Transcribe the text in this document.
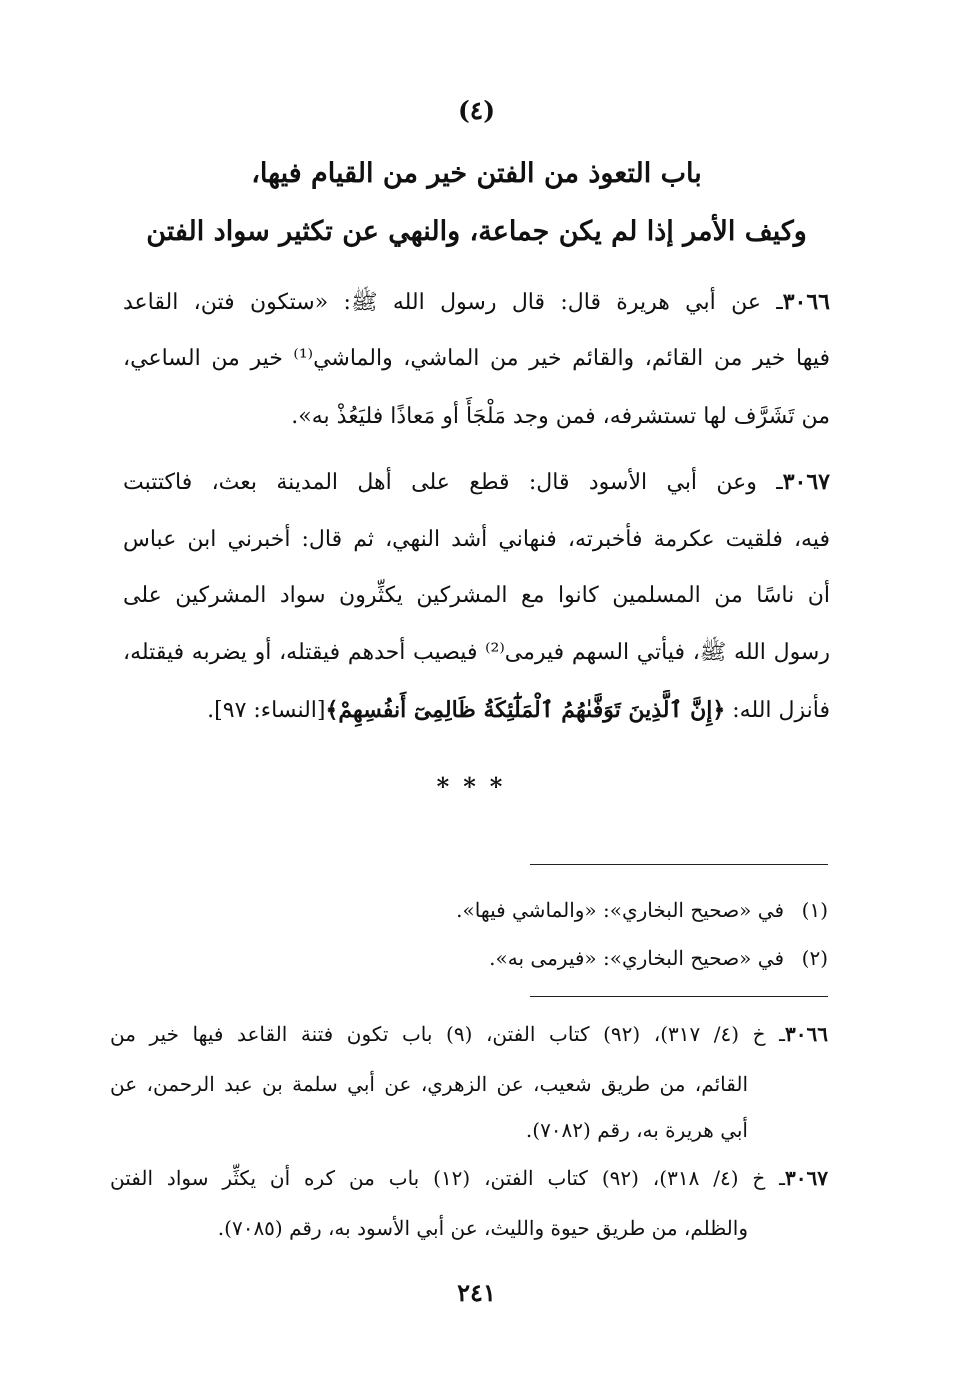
(٤)
باب التعوذ من الفتن خير من القيام فيها،
وكيف الأمر إذا لم يكن جماعة، والنهي عن تكثير سواد الفتن
٣٠٦٦ـ عن أبي هريرة قال: قال رسول الله ﷺ: «ستكون فتن، القاعد
فيها خير من القائم، والقائم خير من الماشي، والماشي⁽¹⁾ خير من الساعي،
من تَشَرَّف لها تستشرفه، فمن وجد مَلْجَأً أو مَعاذًا فليَعُذْ به».
٣٠٦٧ـ وعن أبي الأسود قال: قطع على أهل المدينة بعث، فاكتتبت
فيه، فلقيت عكرمة فأخبرته، فنهاني أشد النهي، ثم قال: أخبرني ابن عباس
أن ناسًا من المسلمين كانوا مع المشركين يكثِّرون سواد المشركين على
رسول الله ﷺ، فيأتي السهم فيرمى⁽²⁾ فيصيب أحدهم فيقتله، أو يضربه فيقتله،
فأنزل الله: ﴿إِنَّ ٱلَّذِينَ تَوَفَّىٰهُمُ ٱلْمَلَٰٓئِكَةُ ظَالِمِىٓ أَنفُسِهِمْ﴾[النساء: ٩٧].
***
(١)في «صحيح البخاري»: «والماشي فيها».
(٢)في «صحيح البخاري»: «فيرمى به».
٣٠٦٦ـ خ (٤/ ٣١٧)، (٩٢) كتاب الفتن، (٩) باب تكون فتنة القاعد فيها خير من
القائم، من طريق شعيب، عن الزهري، عن أبي سلمة بن عبد الرحمن، عن
أبي هريرة به، رقم (٧٠٨٢).
٣٠٦٧ـ خ (٤/ ٣١٨)، (٩٢) كتاب الفتن، (١٢) باب من كره أن يكثِّر سواد الفتن
والظلم، من طريق حيوة والليث، عن أبي الأسود به، رقم (٧٠٨٥).
٢٤١
